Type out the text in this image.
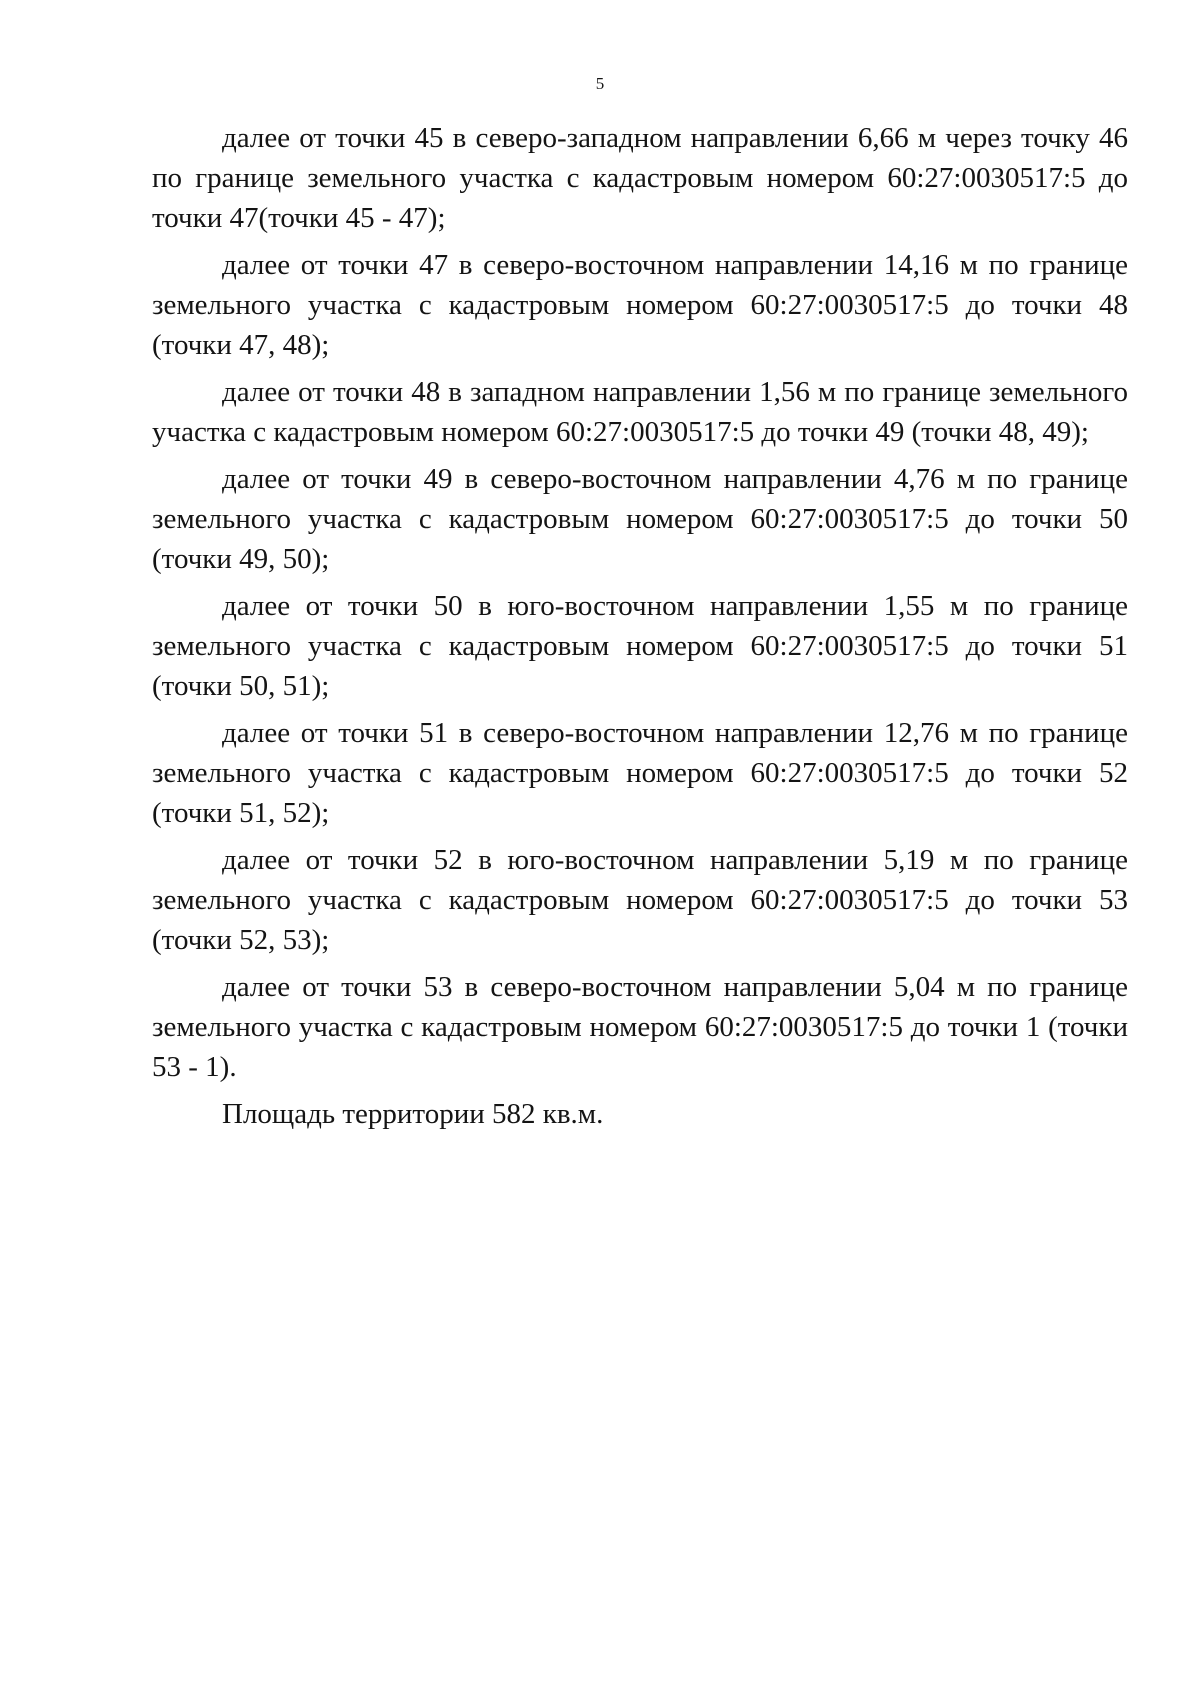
5

далее от точки 45 в северо-западном направлении 6,66 м через точку 46 по границе земельного участка с кадастровым номером 60:27:0030517:5 до точки 47(точки 45 - 47);

далее от точки 47 в северо-восточном направлении 14,16 м по границе земельного участка с кадастровым номером 60:27:0030517:5 до точки 48 (точки 47, 48);

далее от точки 48 в западном направлении 1,56 м по границе земельного участка с кадастровым номером 60:27:0030517:5 до точки 49 (точки 48, 49);

далее от точки 49 в северо-восточном направлении 4,76 м по границе земельного участка с кадастровым номером 60:27:0030517:5 до точки 50 (точки 49, 50);

далее от точки 50 в юго-восточном направлении 1,55 м по границе земельного участка с кадастровым номером 60:27:0030517:5 до точки 51 (точки 50, 51);

далее от точки 51 в северо-восточном направлении 12,76 м по границе земельного участка с кадастровым номером 60:27:0030517:5 до точки 52 (точки 51, 52);

далее от точки 52 в юго-восточном направлении 5,19 м по границе земельного участка с кадастровым номером 60:27:0030517:5 до точки 53 (точки 52, 53);

далее от точки 53 в северо-восточном направлении 5,04 м по границе земельного участка с кадастровым номером 60:27:0030517:5 до точки 1 (точки 53 - 1).

Площадь территории 582 кв.м.
